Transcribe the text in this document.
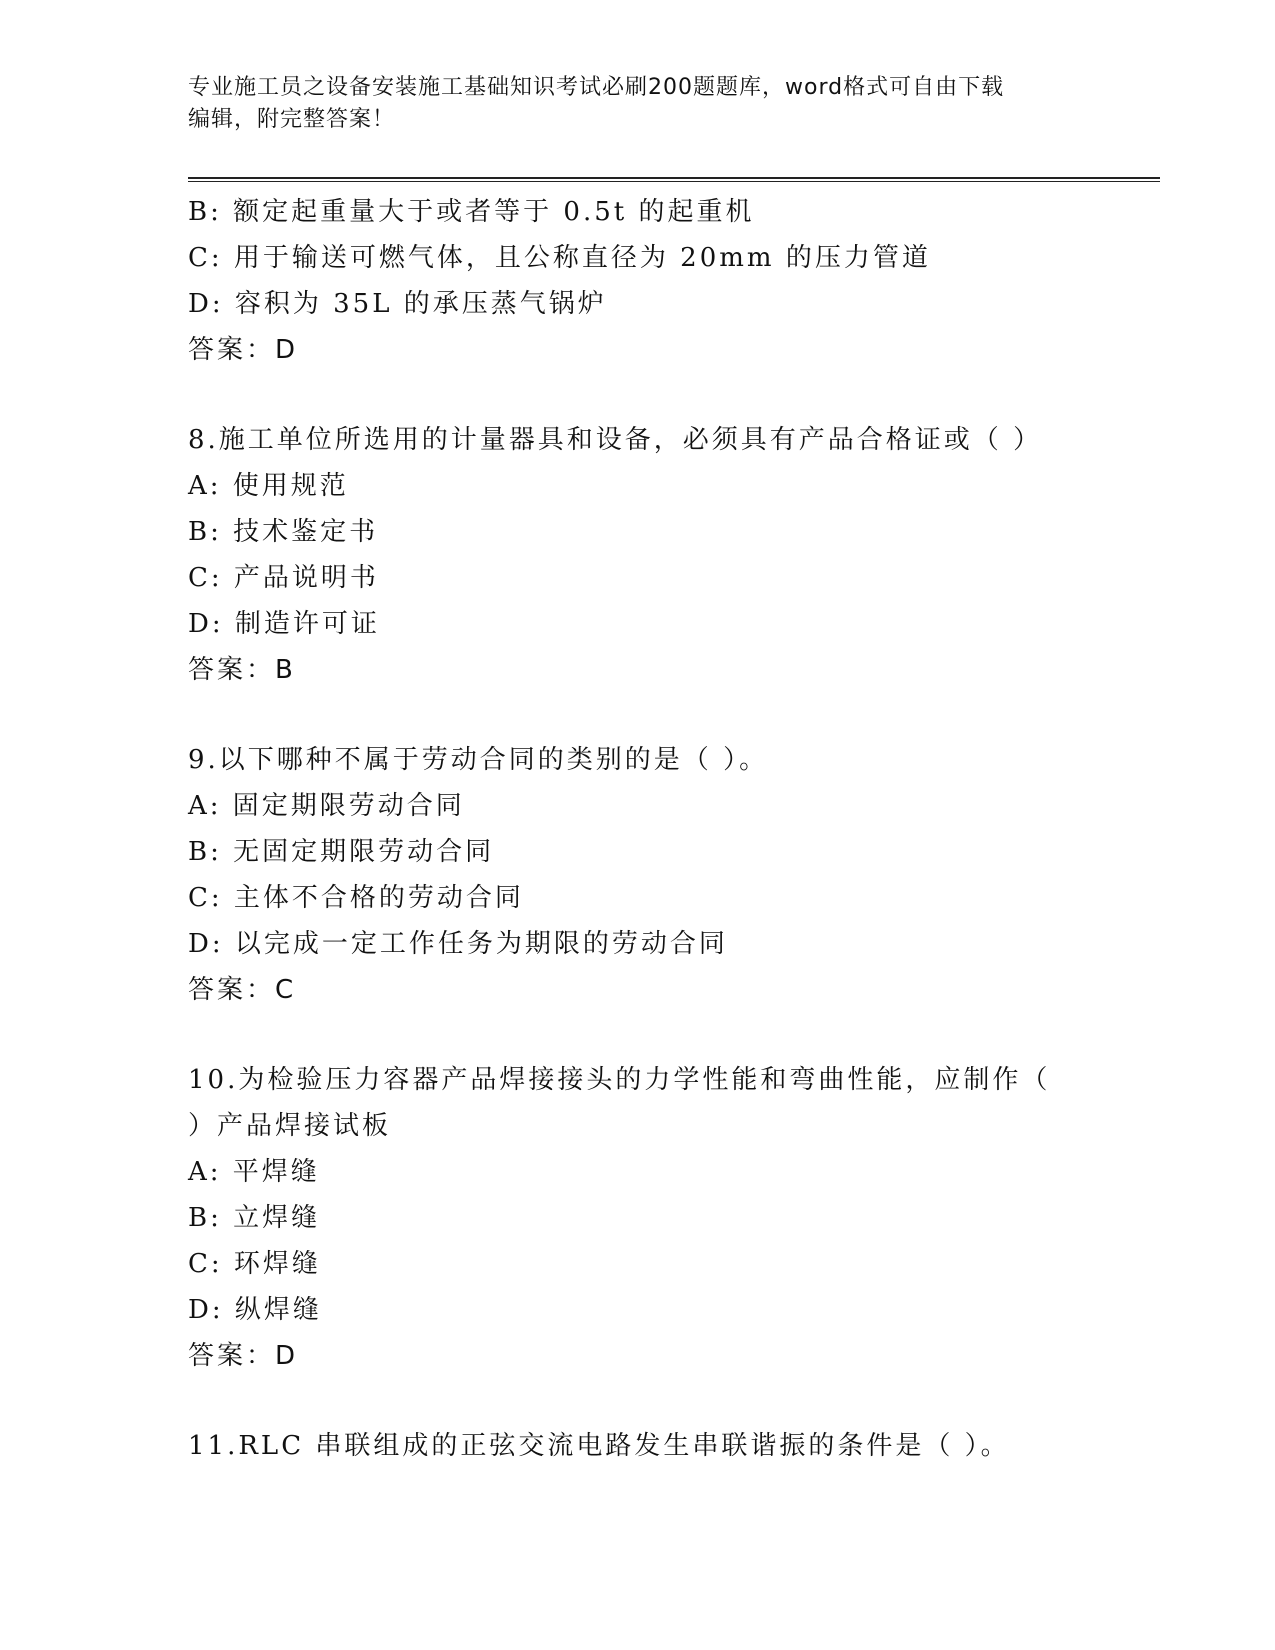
专业施工员之设备安装施工基础知识考试必刷200题题库，word格式可自由下载
编辑，附完整答案！
B: 额定起重量大于或者等于 0.5t 的起重机
C: 用于输送可燃气体，且公称直径为 20mm 的压力管道
D: 容积为 35L 的承压蒸气锅炉
答案：D
8.施工单位所选用的计量器具和设备，必须具有产品合格证或（ ）
A: 使用规范
B: 技术鉴定书
C: 产品说明书
D: 制造许可证
答案：B
9.以下哪种不属于劳动合同的类别的是（ ）。
A: 固定期限劳动合同
B: 无固定期限劳动合同
C: 主体不合格的劳动合同
D: 以完成一定工作任务为期限的劳动合同
答案：C
10.为检验压力容器产品焊接接头的力学性能和弯曲性能，应制作（
）产品焊接试板
A: 平焊缝
B: 立焊缝
C: 环焊缝
D: 纵焊缝
答案：D
11.RLC 串联组成的正弦交流电路发生串联谐振的条件是（ ）。
